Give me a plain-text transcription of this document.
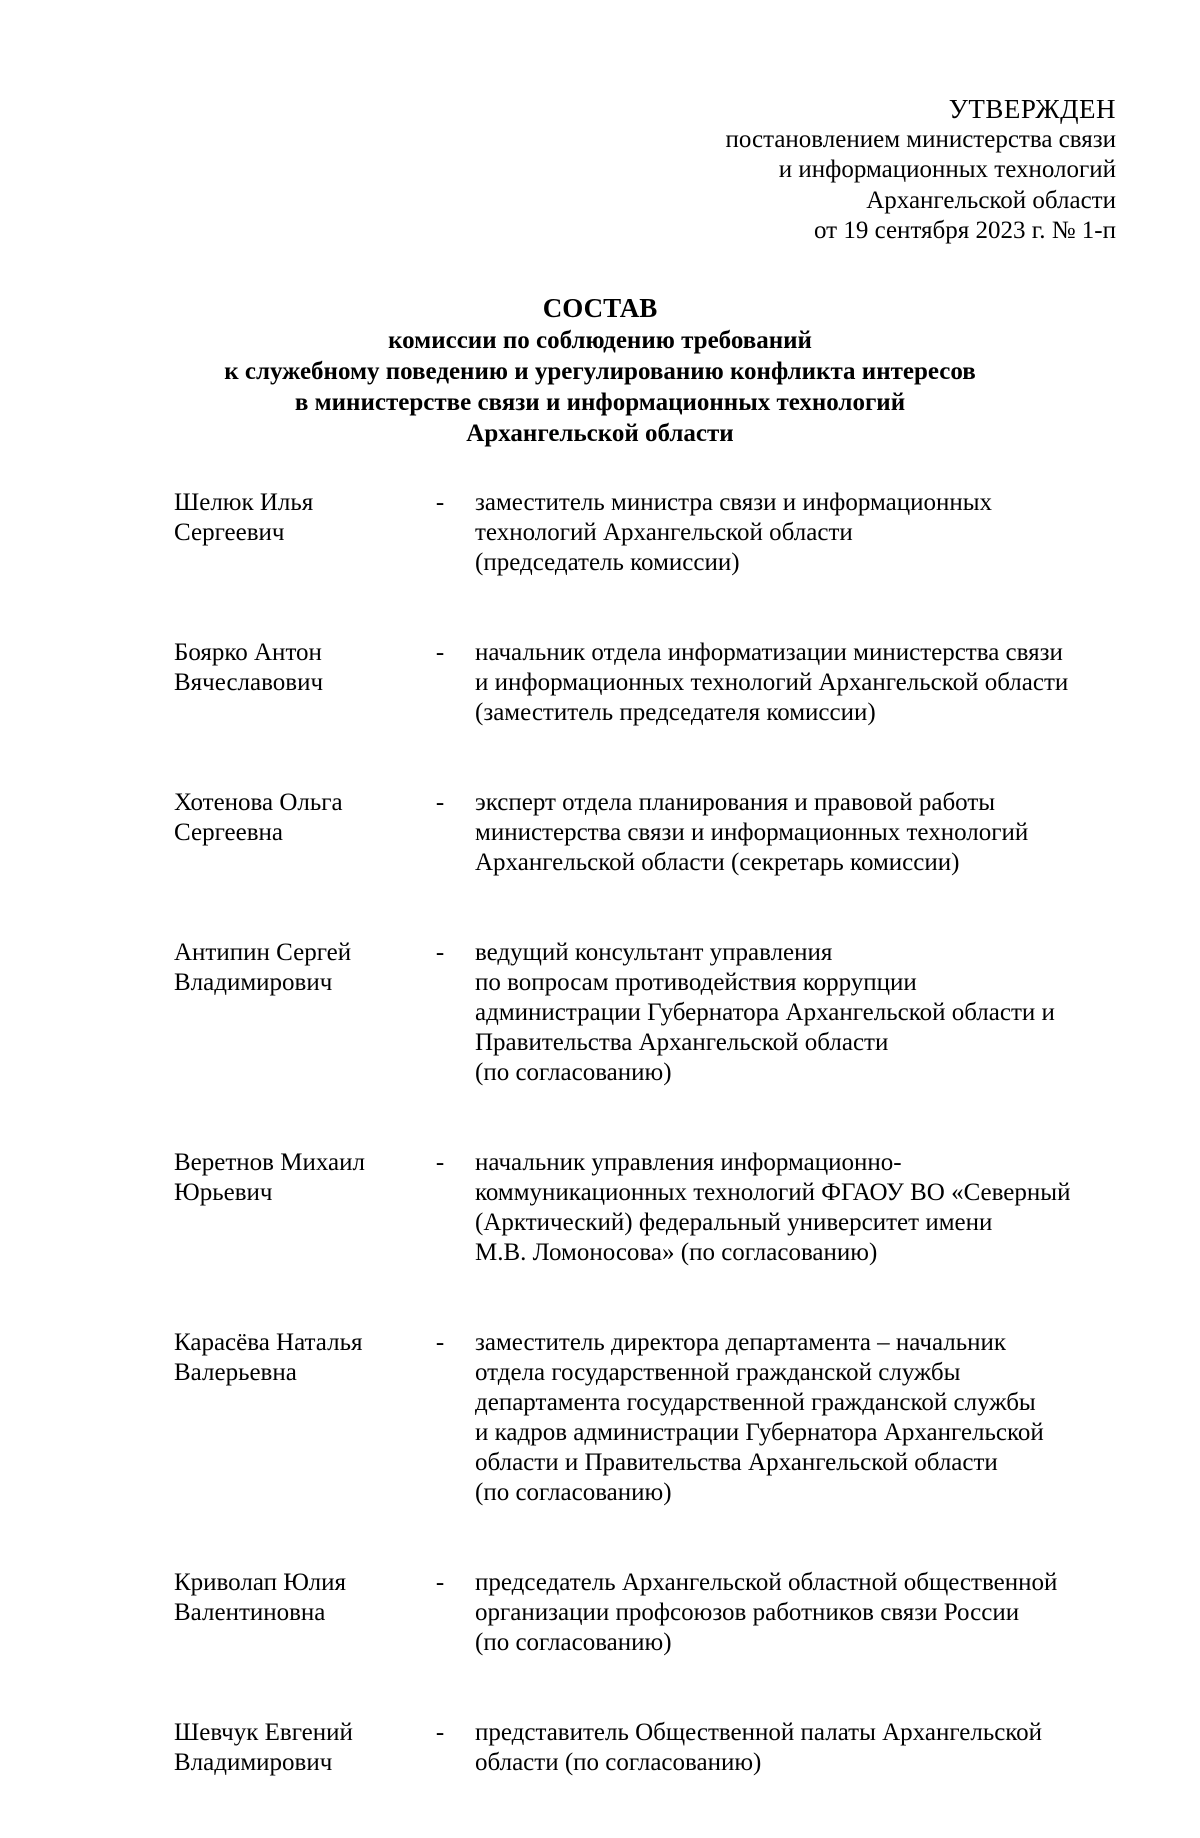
УТВЕРЖДЕН
постановлением министерства связи
и информационных технологий
Архангельской области
от 19 сентября 2023 г. № 1-п
СОСТАВ
комиссии по соблюдению требований
к служебному поведению и урегулированию конфликта интересов
в министерстве связи и информационных технологий
Архангельской области
Шелюк Илья
Сергеевич
- заместитель министра связи и информационных
технологий Архангельской области
(председатель комиссии)
Боярко Антон
Вячеславович
- начальник отдела информатизации министерства связи
и информационных технологий Архангельской области
(заместитель председателя комиссии)
Хотенова Ольга
Сергеевна
- эксперт отдела планирования и правовой работы
министерства связи и информационных технологий
Архангельской области (секретарь комиссии)
Антипин Сергей
Владимирович
- ведущий консультант управления
по вопросам противодействия коррупции
администрации Губернатора Архангельской области и
Правительства Архангельской области
(по согласованию)
Веретнов Михаил
Юрьевич
- начальник управления информационно-
коммуникационных технологий ФГАОУ ВО «Северный
(Арктический) федеральный университет имени
М.В. Ломоносова» (по согласованию)
Карасёва Наталья
Валерьевна
- заместитель директора департамента – начальник
отдела государственной гражданской службы
департамента государственной гражданской службы
и кадров администрации Губернатора Архангельской
области и Правительства Архангельской области
(по согласованию)
Криволап Юлия
Валентиновна
- председатель Архангельской областной общественной
организации профсоюзов работников связи России
(по согласованию)
Шевчук Евгений
Владимирович
- представитель Общественной палаты Архангельской
области (по согласованию)
